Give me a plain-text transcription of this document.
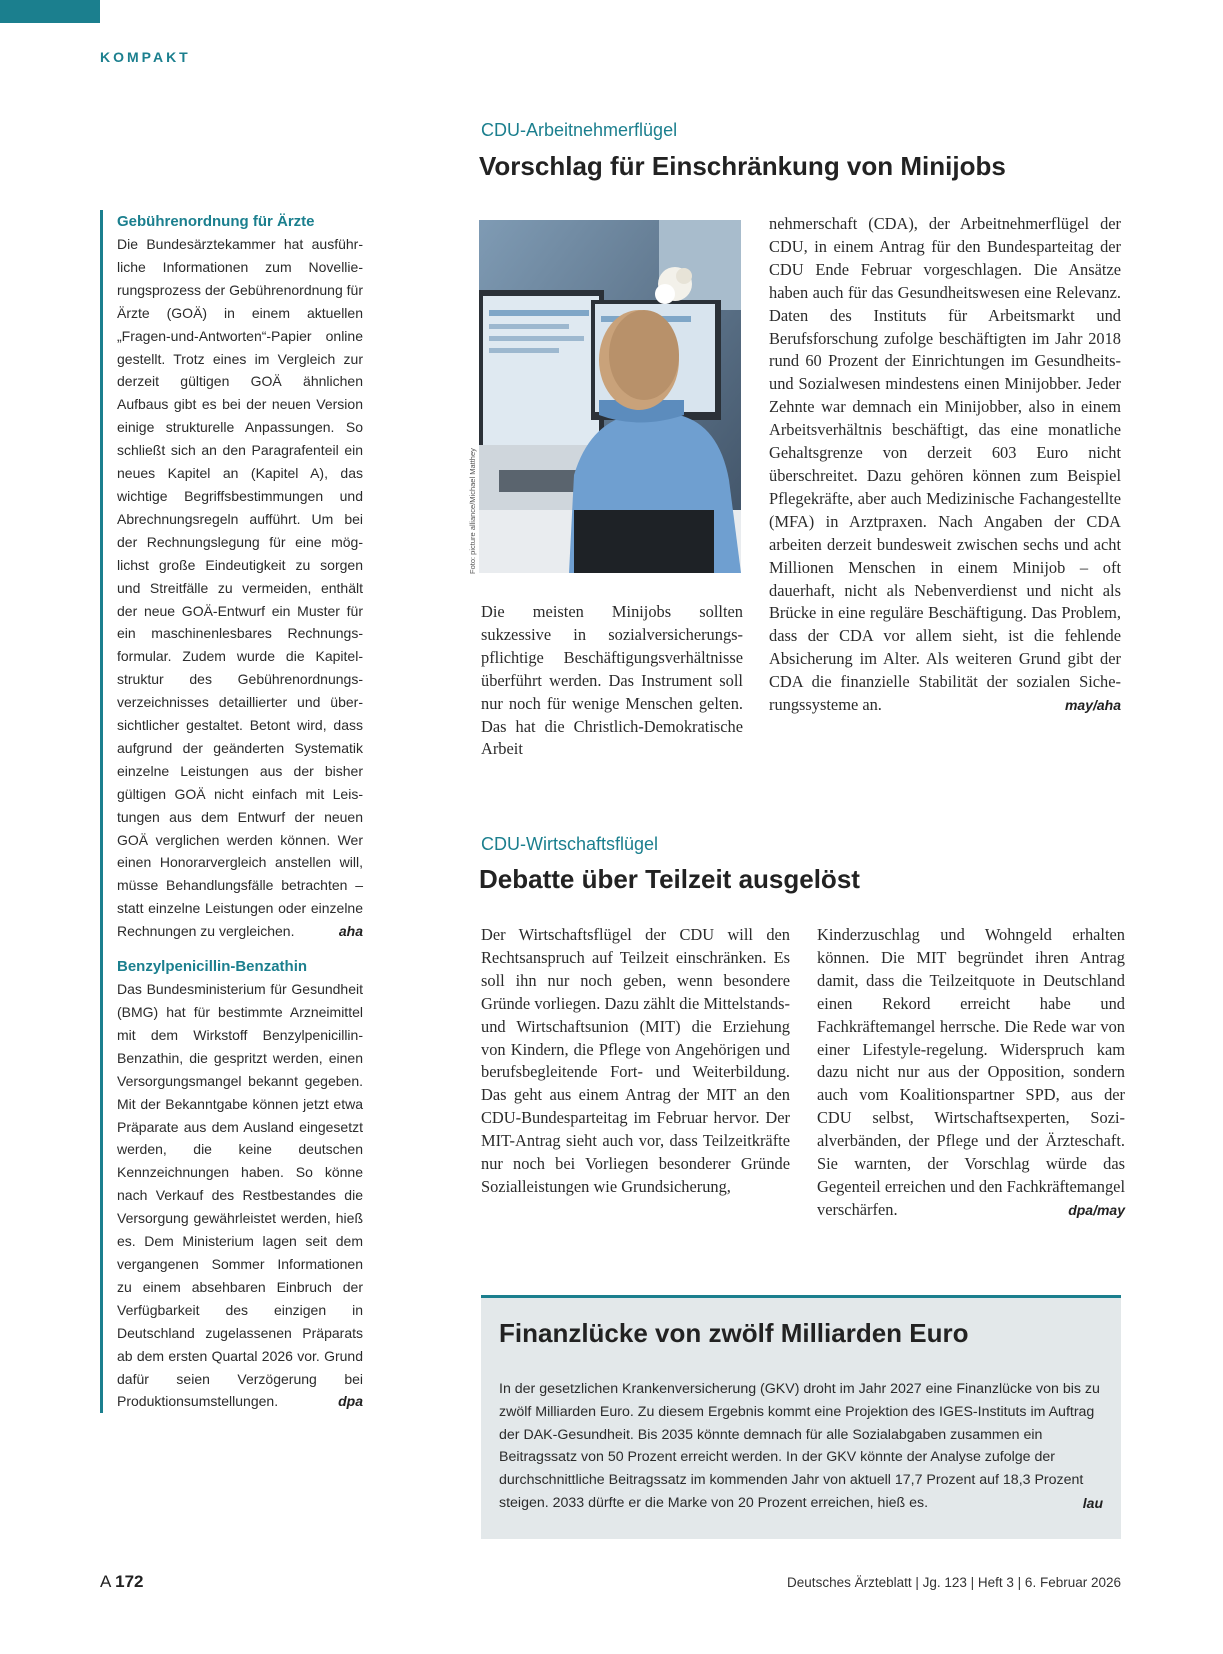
KOMPAKT
CDU-Arbeitnehmerflügel
Vorschlag für Einschränkung von Minijobs
Gebührenordnung für Ärzte
Die Bundesärztekammer hat ausführliche Informationen zum Novellierungsprozess der Gebührenordnung für Ärzte (GOÄ) in einem aktuellen „Fragen-und-Antworten“-Papier online gestellt. Trotz eines im Vergleich zur derzeit gültigen GOÄ ähnlichen Aufbaus gibt es bei der neuen Version einige strukturelle Anpassungen. So schließt sich an den Paragrafenteil ein neues Kapitel an (Kapitel A), das wichtige Begriffsbestimmungen und Abrechnungsregeln aufführt. Um bei der Rechnungslegung für eine möglichst große Eindeutigkeit zu sorgen und Streitfälle zu vermeiden, enthält der neue GOÄ-Entwurf ein Muster für ein maschinenlesbares Rechnungsformular. Zudem wurde die Kapitelstruktur des Gebührenordnungsverzeichnisses detaillierter und übersichtlicher gestaltet. Betont wird, dass aufgrund der geänderten Systematik einzelne Leistungen aus der bisher gültigen GOÄ nicht einfach mit Leistungen aus dem Entwurf der neuen GOÄ verglichen werden können. Wer einen Honorarvergleich anstellen will, müsse Behandlungsfälle betrachten – statt einzelne Leistungen oder einzelne Rechnungen zu vergleichen.	aha
Benzylpenicillin-Benzathin
Das Bundesministerium für Gesundheit (BMG) hat für bestimmte Arzneimittel mit dem Wirkstoff Benzylpenicillin-Benzathin, die gespritzt werden, einen Versorgungsmangel bekannt gegeben. Mit der Bekanntgabe können jetzt etwa Präparate aus dem Ausland eingesetzt werden, die keine deutschen Kennzeichnungen haben. So könne nach Verkauf des Restbestandes die Versorgung gewährleistet werden, hieß es. Dem Ministerium lagen seit dem vergangenen Sommer Informationen zu einem absehbaren Einbruch der Verfügbarkeit des einzigen in Deutschland zugelassenen Präparats ab dem ersten Quartal 2026 vor. Grund dafür seien Verzögerung bei Produktionsumstellungen.	dpa
Foto: picture alliance/Michael Matthey
Die meisten Minijobs sollten sukzessive in sozialversicherungspflichtige Beschäftigungsverhältnisse überführt werden. Das Instrument soll nur noch für wenige Menschen gelten. Das hat die Christlich-Demokratische Arbeit
nehmerschaft (CDA), der Arbeitnehmerflügel der CDU, in einem Antrag für den Bundesparteitag der CDU Ende Februar vorgeschlagen. Die Ansätze haben auch für das Gesundheitswesen eine Relevanz. Daten des Instituts für Arbeitsmarkt und Berufsforschung zufolge beschäftigten im Jahr 2018 rund 60 Prozent der Einrichtungen im Gesundheits- und Sozialwesen mindestens einen Minijobber. Jeder Zehnte war demnach ein Minijobber, also in einem Arbeitsverhältnis beschäftigt, das eine monatliche Gehaltsgrenze von derzeit 603 Euro nicht überschreitet. Dazu gehören können zum Beispiel Pflegekräfte, aber auch Medizinische Fachangestellte (MFA) in Arztpraxen. Nach Angaben der CDA arbeiten derzeit bundesweit zwischen sechs und acht Millionen Menschen in einem Minijob – oft dauerhaft, nicht als Nebenverdienst und nicht als Brücke in eine reguläre Beschäftigung. Das Problem, dass der CDA vor allem sieht, ist die fehlende Absicherung im Alter. Als weiteren Grund gibt der CDA die finanzielle Stabilität der sozialen Sicherungssysteme an.	may/aha
CDU-Wirtschaftsflügel
Debatte über Teilzeit ausgelöst
Der Wirtschaftsflügel der CDU will den Rechtsanspruch auf Teilzeit einschränken. Es soll ihn nur noch geben, wenn besondere Gründe vorliegen. Dazu zählt die Mittelstands- und Wirtschaftsunion (MIT) die Erziehung von Kindern, die Pflege von Angehörigen und berufsbegleitende Fort- und Weiterbildung. Das geht aus einem Antrag der MIT an den CDU-Bundesparteitag im Februar hervor. Der MIT-Antrag sieht auch vor, dass Teilzeitkräfte nur noch bei Vorliegen besonderer Gründe Sozialleistungen wie Grundsicherung,
Kinderzuschlag und Wohngeld erhalten können. Die MIT begründet ihren Antrag damit, dass die Teilzeitquote in Deutschland einen Rekord erreicht habe und Fachkräftemangel herrsche. Die Rede war von einer Lifestyle-regelung. Widerspruch kam dazu nicht nur aus der Opposition, sondern auch vom Koalitionspartner SPD, aus der CDU selbst, Wirtschaftsexperten, Sozialverbänden, der Pflege und der Ärzteschaft. Sie warnten, der Vorschlag würde das Gegenteil erreichen und den Fachkräftemangel verschärfen.	dpa/may
Finanzlücke von zwölf Milliarden Euro
In der gesetzlichen Krankenversicherung (GKV) droht im Jahr 2027 eine Finanzlücke von bis zu zwölf Milliarden Euro. Zu diesem Ergebnis kommt eine Projektion des IGES-Instituts im Auftrag der DAK-Gesundheit. Bis 2035 könnte demnach für alle Sozialabgaben zusammen ein Beitragssatz von 50 Prozent erreicht werden. In der GKV könnte der Analyse zufolge der durchschnittliche Beitragssatz im kommenden Jahr von aktuell 17,7 Prozent auf 18,3 Prozent steigen. 2033 dürfte er die Marke von 20 Prozent erreichen, hieß es.	lau
A 172	Deutsches Ärzteblatt | Jg. 123 | Heft 3 | 6. Februar 2026
